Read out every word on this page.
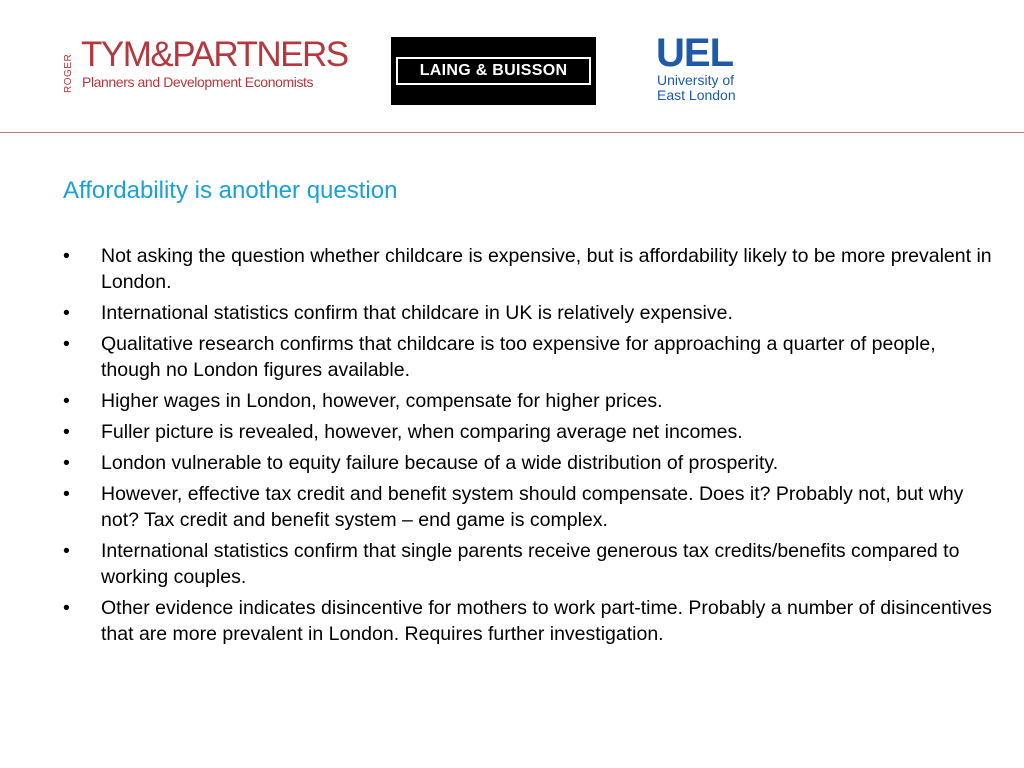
ROGER TYM&PARTNERS
Planners and Development Economists
LAING & BUISSON	UEL
University of
East London
Affordability is another question
• Not asking the question whether childcare is expensive, but is affordability likely to be more prevalent in London.
• International statistics confirm that childcare in UK is relatively expensive.
• Qualitative research confirms that childcare is too expensive for approaching a quarter of people, though no London figures available.
• Higher wages in London, however, compensate for higher prices.
• Fuller picture is revealed, however, when comparing average net incomes.
• London vulnerable to equity failure because of a wide distribution of prosperity.
• However, effective tax credit and benefit system should compensate. Does it? Probably not, but why not? Tax credit and benefit system – end game is complex.
• International statistics confirm that single parents receive generous tax credits/benefits compared to working couples.
• Other evidence indicates disincentive for mothers to work part-time. Probably a number of disincentives that are more prevalent in London. Requires further investigation.
